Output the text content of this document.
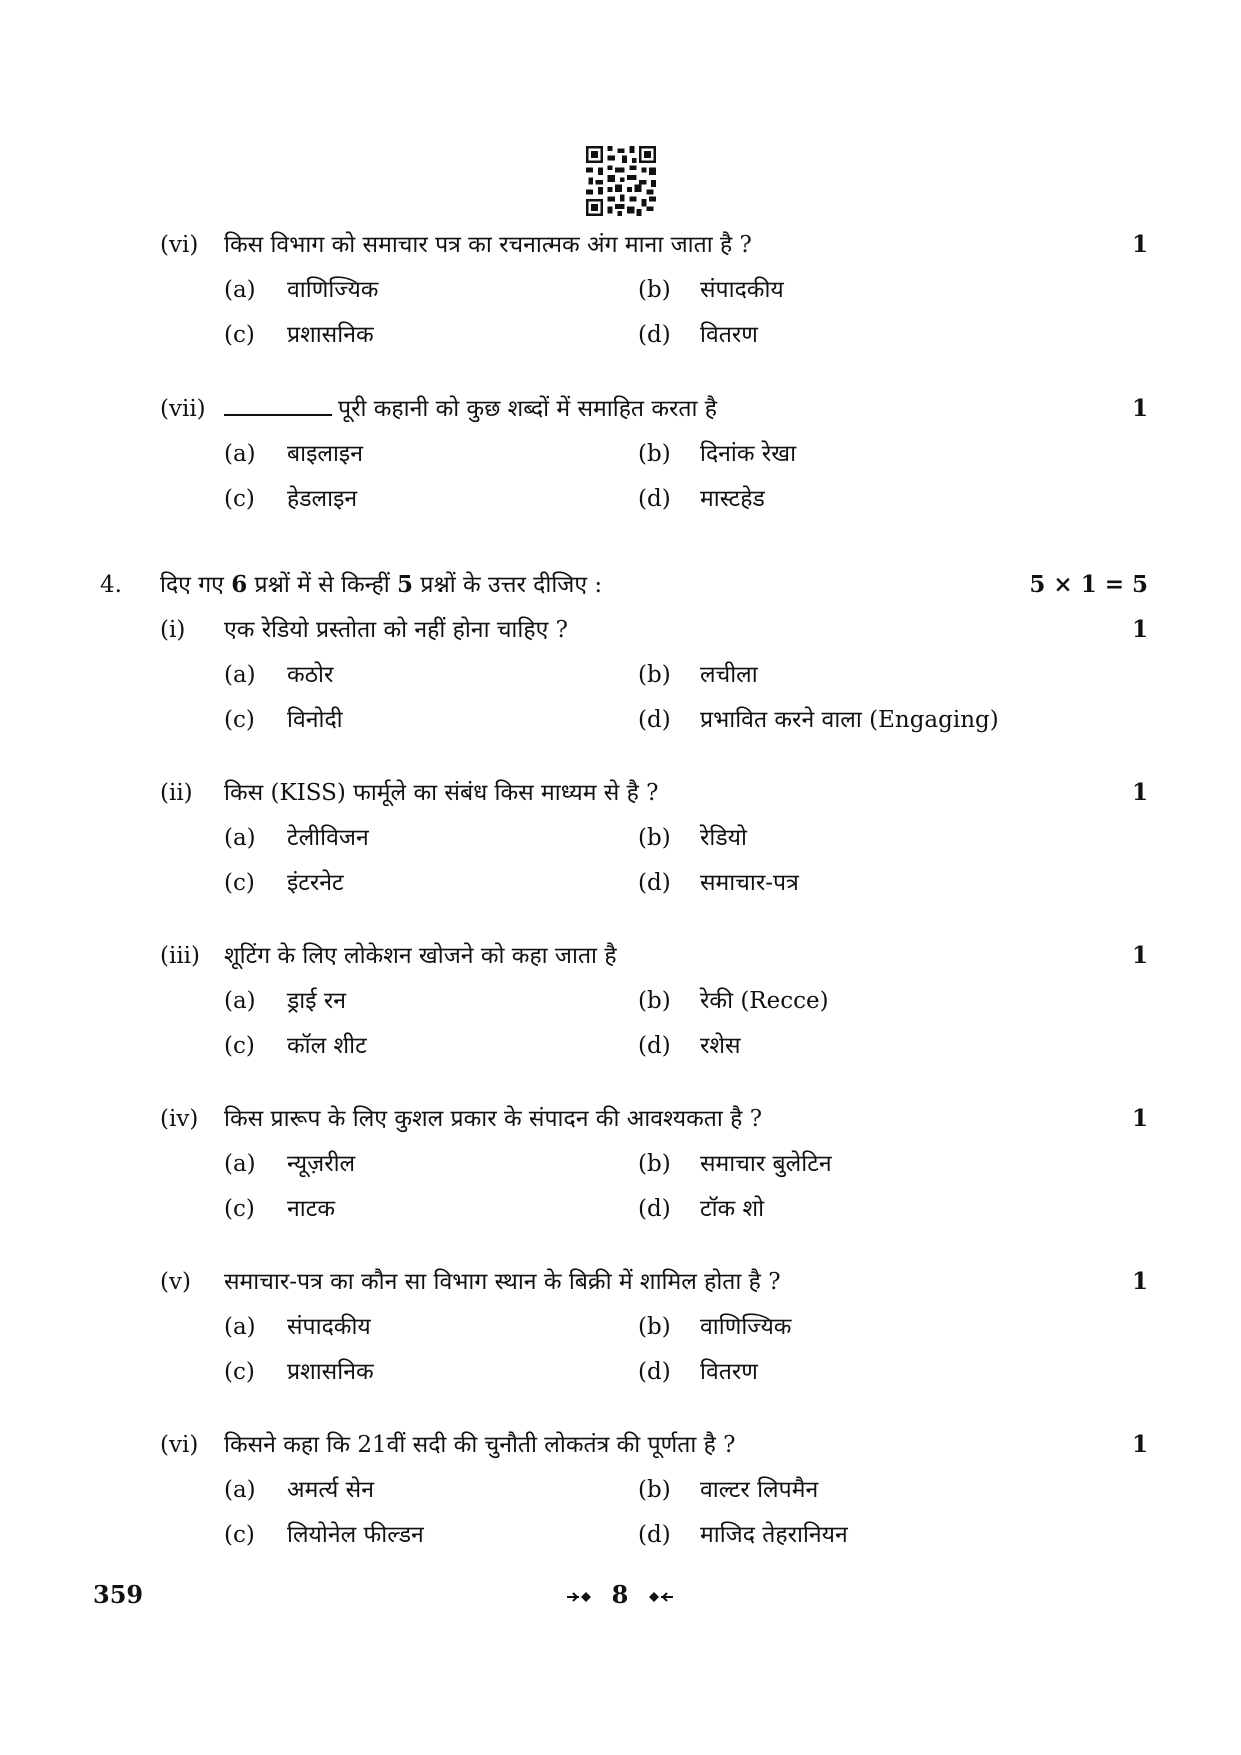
(vi) किस विभाग को समाचार पत्र का रचनात्मक अंग माना जाता है ?	1
(a) वाणिज्यिक	(b) संपादकीय
(c) प्रशासनिक	(d) वितरण
(vii)	पूरी कहानी को कुछ शब्दों में समाहित करता है	1
(a) बाइलाइन	(b) दिनांक रेखा
(c) हेडलाइन	(d) मास्टहेड
4. दिए गए 6 प्रश्नों में से किन्हीं 5 प्रश्नों के उत्तर दीजिए :	5 × 1 = 5
(i) एक रेडियो प्रस्तोता को नहीं होना चाहिए ?	1
(a) कठोर	(b) लचीला
(c) विनोदी	(d) प्रभावित करने वाला (Engaging)
(ii) किस (KISS) फार्मूले का संबंध किस माध्यम से है ?	1
(a) टेलीविजन	(b) रेडियो
(c) इंटरनेट	(d) समाचार-पत्र
(iii) शूटिंग के लिए लोकेशन खोजने को कहा जाता है	1
(a) ड्राई रन	(b) रेकी (Recce)
(c) कॉल शीट	(d) रशेस
(iv) किस प्रारूप के लिए कुशल प्रकार के संपादन की आवश्यकता है ?	1
(a) न्यूज़रील	(b) समाचार बुलेटिन
(c) नाटक	(d) टॉक शो
(v) समाचार-पत्र का कौन सा विभाग स्थान के बिक्री में शामिल होता है ?	1
(a) संपादकीय	(b) वाणिज्यिक
(c) प्रशासनिक	(d) वितरण
(vi) किसने कहा कि 21वीं सदी की चुनौती लोकतंत्र की पूर्णता है ?	1
(a) अमर्त्य सेन	(b) वाल्टर लिपमैन
(c) लियोनेल फील्डन	(d) माजिद तेहरानियन
359	8
